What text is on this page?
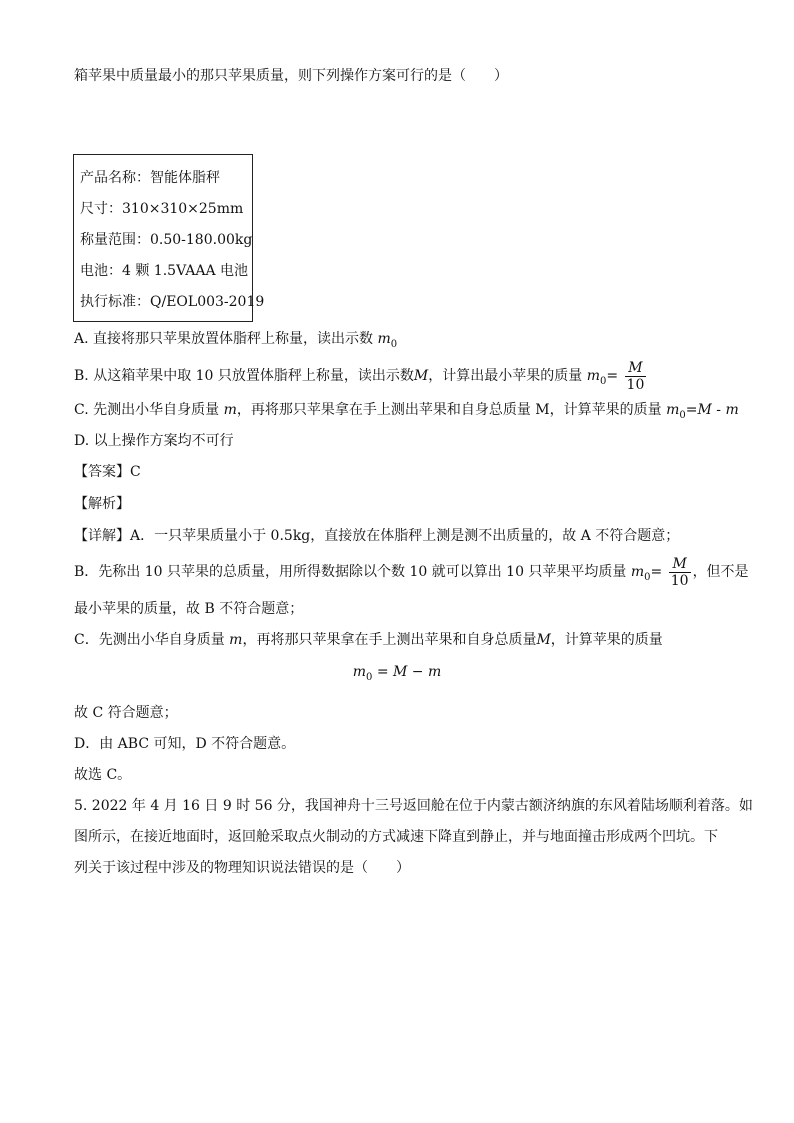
箱苹果中质量最小的那只苹果质量，则下列操作方案可行的是（　　）
产品名称：智能体脂秤
尺寸：310×310×25mm
称量范围：0.50-180.00kg
电池：4 颗 1.5VAAA 电池
执行标准：Q/EOL003-2019
A. 直接将那只苹果放置体脂秤上称量，读出示数 $m_0$
B. 从这箱苹果中取 10 只放置体脂秤上称量，读出示数M，计算出最小苹果的质量 $m_0= \frac{M}{10}$
C. 先测出小华自身质量 m，再将那只苹果拿在手上测出苹果和自身总质量 M，计算苹果的质量 $m_0=M - m$
D. 以上操作方案均不可行
【答案】C
【解析】
【详解】A．一只苹果质量小于 0.5kg，直接放在体脂秤上测是测不出质量的，故 A 不符合题意；
B．先称出 10 只苹果的总质量，用所得数据除以个数 10 就可以算出 10 只苹果平均质量 $m_0= \frac{M}{10}$ ，但不是
最小苹果的质量，故 B 不符合题意；
C．先测出小华自身质量 m，再将那只苹果拿在手上测出苹果和自身总质量M，计算苹果的质量
$m_0 = M - m$
故 C 符合题意；
D．由 ABC 可知，D 不符合题意。
故选 C。
5. 2022 年 4 月 16 日 9 时 56 分，我国神舟十三号返回舱在位于内蒙古额济纳旗的东风着陆场顺利着落。如
图所示，在接近地面时，返回舱采取点火制动的方式减速下降直到静止，并与地面撞击形成两个凹坑。下
列关于该过程中涉及的物理知识说法错误的是（　　）
